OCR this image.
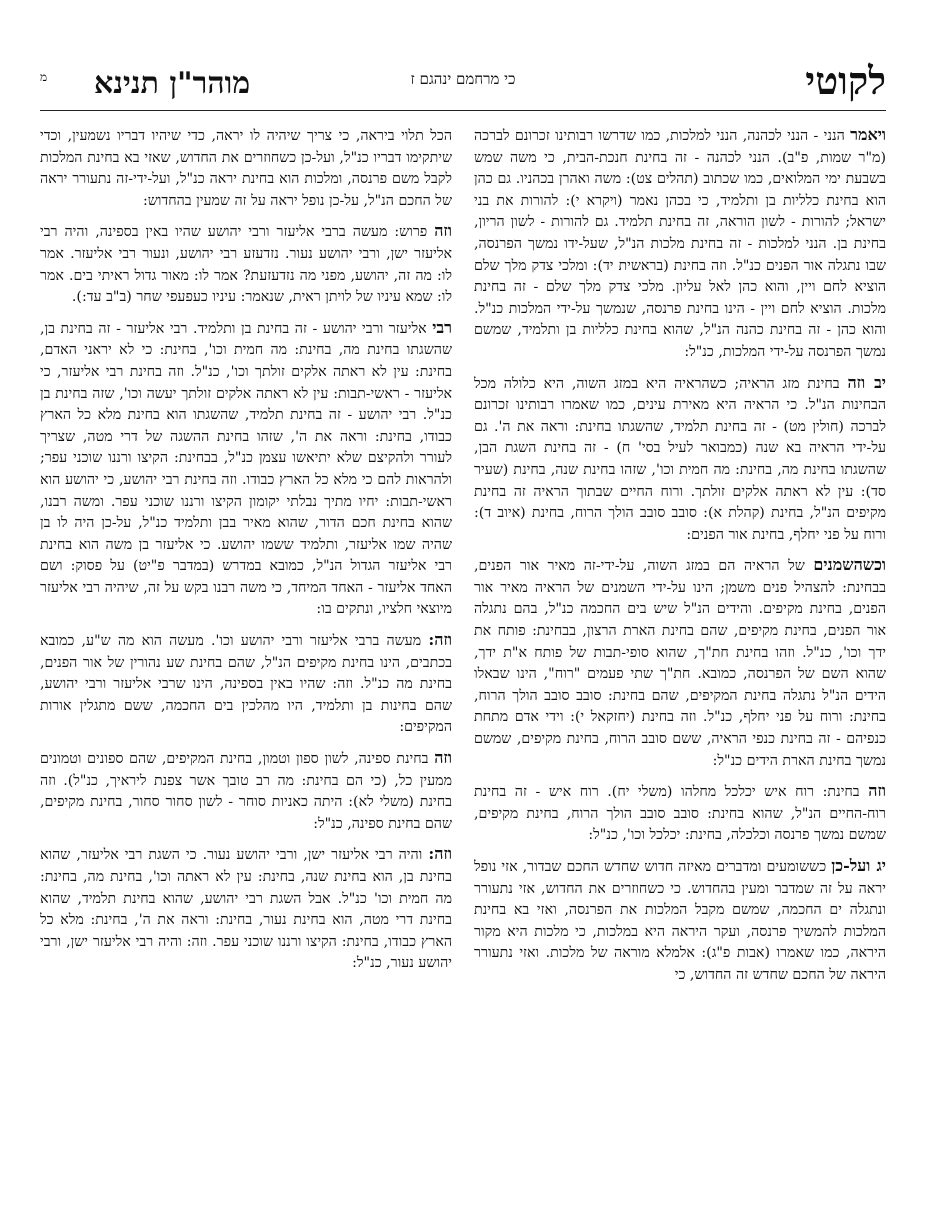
לקוטי
כי מרחמם ינהגם ז
מוהר"ן תנינא
מ

ויאמר הנני - הנני לכהנה, הנני למלכות, כמו שדרשו רבותינו זכרונם לברכה (מ"ר שמות, פ"ב). הנני לכהנה - זה בחינת חנכת-הבית, כי משה שמש בשבעת ימי המלואים, כמו שכתוב (תהלים צט): משה ואהרן בכהניו. גם כהן הוא בחינת כלליות בן ותלמיד, כי בכהן נאמר (ויקרא י): להורות את בני ישראל; להורות - לשון הוראה, זה בחינת תלמיד. גם להורות - לשון הריון, בחינת בן. הנני למלכות - זה בחינת מלכות הנ"ל, שעל-ידו נמשך הפרנסה, שבו נתגלה אור הפנים כנ"ל. וזה בחינת (בראשית יד): ומלכי צדק מלך שלם הוציא לחם ויין, והוא כהן לאל עליון. מלכי צדק מלך שלם - זה בחינת מלכות. הוציא לחם ויין - הינו בחינת פרנסה, שנמשך על-ידי המלכות כנ"ל. והוא כהן - זה בחינת כהנה הנ"ל, שהוא בחינת כלליות בן ותלמיד, שמשם נמשך הפרנסה על-ידי המלכות, כנ"ל:

יב וזה בחינת מזג הראיה; כשהראיה היא במזג השוה, היא כלולה מכל הבחינות הנ"ל. כי הראיה היא מאירת עינים, כמו שאמרו רבותינו זכרונם לברכה (חולין מט) - זה בחינת תלמיד, שהשגתו בחינת: וראה את ה'. גם על-ידי הראיה בא שנה (כמבואר לעיל בסי' ח) - זה בחינת השגת הבן, שהשגתו בחינת מה, בחינת: מה חמית וכו', שזהו בחינת שנה, בחינת (שעיר סד): עין לא ראתה אלקים זולתך. ורוח החיים שבתוך הראיה זה בחינת מקיפים הנ"ל, בחינת (קהלת א): סובב סובב הולך הרוח, בחינת (איוב ד): ורוח על פני יחלף, בחינת אור הפנים:

וכשהשמנים של הראיה הם במזג השוה, על-ידי-זה מאיר אור הפנים, בבחינת: להצהיל פנים משמן; הינו על-ידי השמנים של הראיה מאיר אור הפנים, בחינת מקיפים. והידים הנ"ל שיש בים החכמה כנ"ל, בהם נתגלה אור הפנים, בחינת מקיפים, שהם בחינת הארת הרצון, בבחינת: פותח את ידך וכו', כנ"ל. וזהו בחינת חת"ך, שהוא סופי-תבות של פותח א"ת ידך, שהוא השם של הפרנסה, כמובא. חת"ך שתי פעמים "רוח", הינו שבאלו הידים הנ"ל נתגלה בחינת המקיפים, שהם בחינת: סובב סובב הולך הרוח, בחינת: ורוח על פני יחלף, כנ"ל. וזה בחינת (יחזקאל י): וידי אדם מתחת כנפיהם - זה בחינת כנפי הראיה, ששם סובב הרוח, בחינת מקיפים, שמשם נמשך בחינת הארת הידים כנ"ל:

וזה בחינת: רוח איש יכלכל מחלהו (משלי יח). רוח איש - זה בחינת רוח-החיים הנ"ל, שהוא בחינת: סובב סובב הולך הרוח, בחינת מקיפים, שמשם נמשך פרנסה וכלכלה, בחינת: יכלכל וכו', כנ"ל:

יג ועל-כן כששומעים ומדברים מאיזה חדוש שחדש החכם שבדור, אזי נופל יראה על זה שמדבר ומעין בהחדוש. כי כשחוזרים את החדוש, אזי נתעורר ונתגלה ים החכמה, שמשם מקבל המלכות את הפרנסה, ואזי בא בחינת המלכות להמשיך פרנסה, ועקר היראה היא במלכות, כי מלכות היא מקור היראה, כמו שאמרו (אבות פ"ג): אלמלא מוראה של מלכות. ואזי נתעורר היראה של החכם שחדש זה החדוש, כי

הכל תלוי ביראה, כי צריך שיהיה לו יראה, כדי שיהיו דבריו נשמעין, וכדי שיתקימו דבריו כנ"ל, ועל-כן כשחוזרים את החדוש, שאזי בא בחינת המלכות לקבל משם פרנסה, ומלכות הוא בחינת יראה כנ"ל, ועל-ידי-זה נתעורר יראה של החכם הנ"ל, על-כן נופל יראה על זה שמעין בהחדוש:

וזה פרוש: מעשה ברבי אליעזר ורבי יהושע שהיו באין בספינה, והיה רבי אליעזר ישן, ורבי יהושע נעור. נזדעזע רבי יהושע, ונעור רבי אליעזר. אמר לו: מה זה, יהושע, מפני מה נזדעזעת? אמר לו: מאור גדול ראיתי בים. אמר לו: שמא עיניו של לויתן ראית, שנאמר: עיניו כעפעפי שחר (ב"ב עד:).

רבי אליעזר ורבי יהושע - זה בחינת בן ותלמיד. רבי אליעזר - זה בחינת בן, שהשגתו בחינת מה, בחינת: מה חמית וכו', בחינת: כי לא יראני האדם, בחינת: עין לא ראתה אלקים זולתך וכו', כנ"ל. וזה בחינת רבי אליעזר, כי אליעזר - ראשי-תבות: עין לא ראתה אלקים זולתך יעשה וכו', שזה בחינת בן כנ"ל. רבי יהושע - זה בחינת תלמיד, שהשגתו הוא בחינת מלא כל הארץ כבודו, בחינת: וראה את ה', שזהו בחינת ההשגה של דרי מטה, שצריך לעורר ולהקיצם שלא יתיאשו עצמן כנ"ל, בבחינת: הקיצו ורננו שוכני עפר; ולהראות להם כי מלא כל הארץ כבודו. וזה בחינת רבי יהושע, כי יהושע הוא ראשי-תבות: יחיו מתיך נבלתי יקומון הקיצו ורננו שוכני עפר. ומשה רבנו, שהוא בחינת חכם הדור, שהוא מאיר בבן ותלמיד כנ"ל, על-כן היה לו בן שהיה שמו אליעזר, ותלמיד ששמו יהושע. כי אליעזר בן משה הוא בחינת רבי אליעזר הגדול הנ"ל, כמובא במדרש (במדבר פ"יט) על פסוק: ושם האחד אליעזר - האחד המיחד, כי משה רבנו בקש על זה, שיהיה רבי אליעזר מיוצאי חלציו, ונתקים בו:

וזה: מעשה ברבי אליעזר ורבי יהושע וכו'. מעשה הוא מה ש"ע, כמובא בכתבים, הינו בחינת מקיפים הנ"ל, שהם בחינת שע נהורין של אור הפנים, בחינת מה כנ"ל. וזה: שהיו באין בספינה, הינו שרבי אליעזר ורבי יהושע, שהם בחינות בן ותלמיד, היו מהלכין בים החכמה, ששם מתגלין אורות המקיפים:

וזה בחינת ספינה, לשון ספון וטמון, בחינת המקיפים, שהם ספונים וטמונים ממעין כל, (כי הם בחינת: מה רב טובך אשר צפנת ליראיך, כנ"ל). וזה בחינת (משלי לא): היתה כאניות סוחר - לשון סחור סחור, בחינת מקיפים, שהם בחינת ספינה, כנ"ל:

וזה: והיה רבי אליעזר ישן, ורבי יהושע נעור. כי השגת רבי אליעזר, שהוא בחינת בן, הוא בחינת שנה, בחינת: עין לא ראתה וכו', בחינת מה, בחינת: מה חמית וכו' כנ"ל. אבל השגת רבי יהושע, שהוא בחינת תלמיד, שהוא בחינת דרי מטה, הוא בחינת נעור, בחינת: וראה את ה', בחינת: מלא כל הארץ כבודו, בחינת: הקיצו ורננו שוכני עפר. וזה: והיה רבי אליעזר ישן, ורבי יהושע נעור, כנ"ל:
